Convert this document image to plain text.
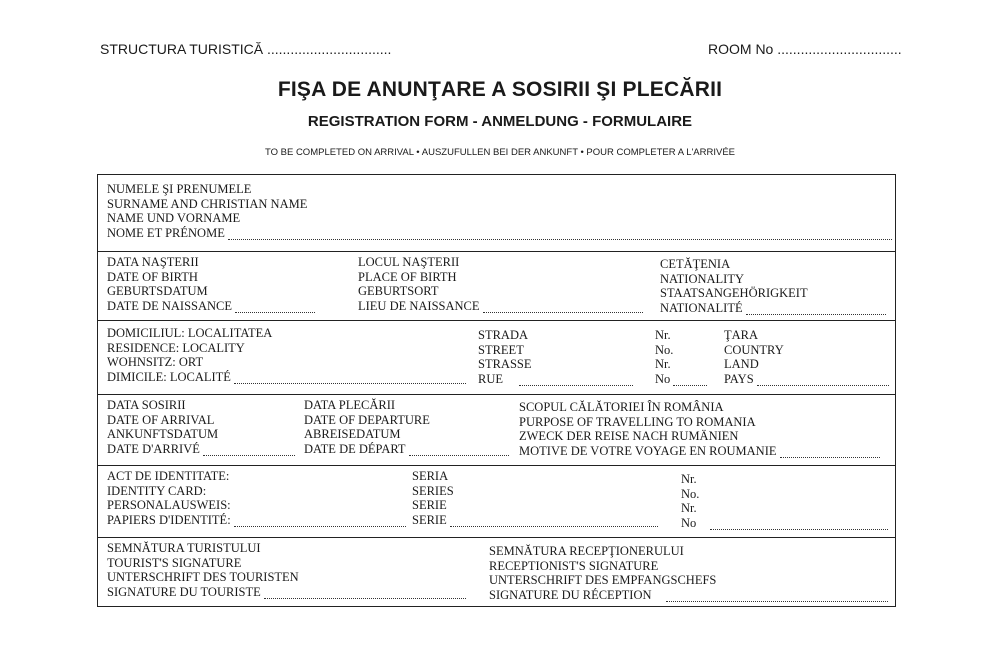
STRUCTURA TURISTICĂ ................................	ROOM No ................................
FIŞA DE ANUNŢARE A SOSIRII ŞI PLECĂRII
REGISTRATION FORM - ANMELDUNG - FORMULAIRE
TO BE COMPLETED ON ARRIVAL • AUSZUFULLEN BEI DER ANKUNFT • POUR COMPLETER A L'ARRIVÉE
NUMELE ŞI PRENUMELE
SURNAME AND CHRISTIAN NAME
NAME UND VORNAME
NOME ET PRÉNOME
DATA NAŞTERII
DATE OF BIRTH
GEBURTSDATUM
DATE DE NAISSANCE
LOCUL NAŞTERII
PLACE OF BIRTH
GEBURTSORT
LIEU DE NAISSANCE
CETĂŢENIA
NATIONALITY
STAATSANGEHÖRIGKEIT
NATIONALITÉ
DOMICILIUL: LOCALITATEA
RESIDENCE: LOCALITY
WOHNSITZ: ORT
DIMICILE: LOCALITÉ
STRADA
STREET
STRASSE
RUE
Nr.
No.
Nr.
No
ŢARA
COUNTRY
LAND
PAYS
DATA SOSIRII
DATE OF ARRIVAL
ANKUNFTSDATUM
DATE D'ARRIVÉ
DATA PLECĂRII
DATE OF DEPARTURE
ABREISEDATUM
DATE DE DÉPART
SCOPUL CĂLĂTORIEI ÎN ROMÂNIA
PURPOSE OF TRAVELLING TO ROMANIA
ZWECK DER REISE NACH RUMÄNIEN
MOTIVE DE VOTRE VOYAGE EN ROUMANIE
ACT DE IDENTITATE:
IDENTITY CARD:
PERSONALAUSWEIS:
PAPIERS D'IDENTITÉ:
SERIA
SERIES
SERIE
SERIE
Nr.
No.
Nr.
No
SEMNĂTURA TURISTULUI
TOURIST'S SIGNATURE
UNTERSCHRIFT DES TOURISTEN
SIGNATURE DU TOURISTE
SEMNĂTURA RECEPŢIONERULUI
RECEPTIONIST'S SIGNATURE
UNTERSCHRIFT DES EMPFANGSCHEFS
SIGNATURE DU RÉCEPTION
